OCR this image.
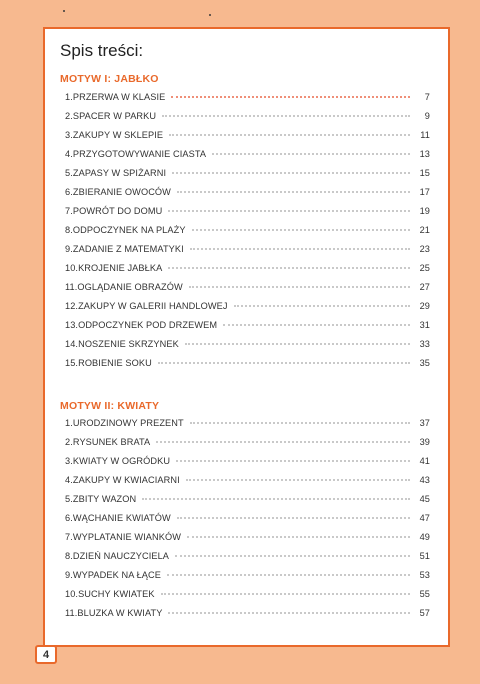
Spis treści:
MOTYW I: JABŁKO
1. PRZERWA W KLASIE	7
2. SPACER W PARKU	9
3. ZAKUPY W SKLEPIE	11
4. PRZYGOTOWYWANIE CIASTA	13
5. ZAPASY W SPIŻARNI	15
6. ZBIERANIE OWOCÓW	17
7. POWRÓT DO DOMU	19
8. ODPOCZYNEK NA PLAŻY	21
9. ZADANIE Z MATEMATYKI	23
10. KROJENIE JABŁKA	25
11. OGLĄDANIE OBRAZÓW	27
12. ZAKUPY W GALERII HANDLOWEJ	29
13. ODPOCZYNEK POD DRZEWEM	31
14. NOSZENIE SKRZYNEK	33
15. ROBIENIE SOKU	35
MOTYW II: KWIATY
1. URODZINOWY PREZENT	37
2. RYSUNEK BRATA	39
3. KWIATY W OGRÓDKU	41
4. ZAKUPY W KWIACIARNI	43
5. ZBITY WAZON	45
6. WĄCHANIE KWIATÓW	47
7. WYPLATANIE WIANKÓW	49
8. DZIEŃ NAUCZYCIELA	51
9. WYPADEK NA ŁĄCE	53
10. SUCHY KWIATEK	55
11. BLUZKA W KWIATY	57
4
